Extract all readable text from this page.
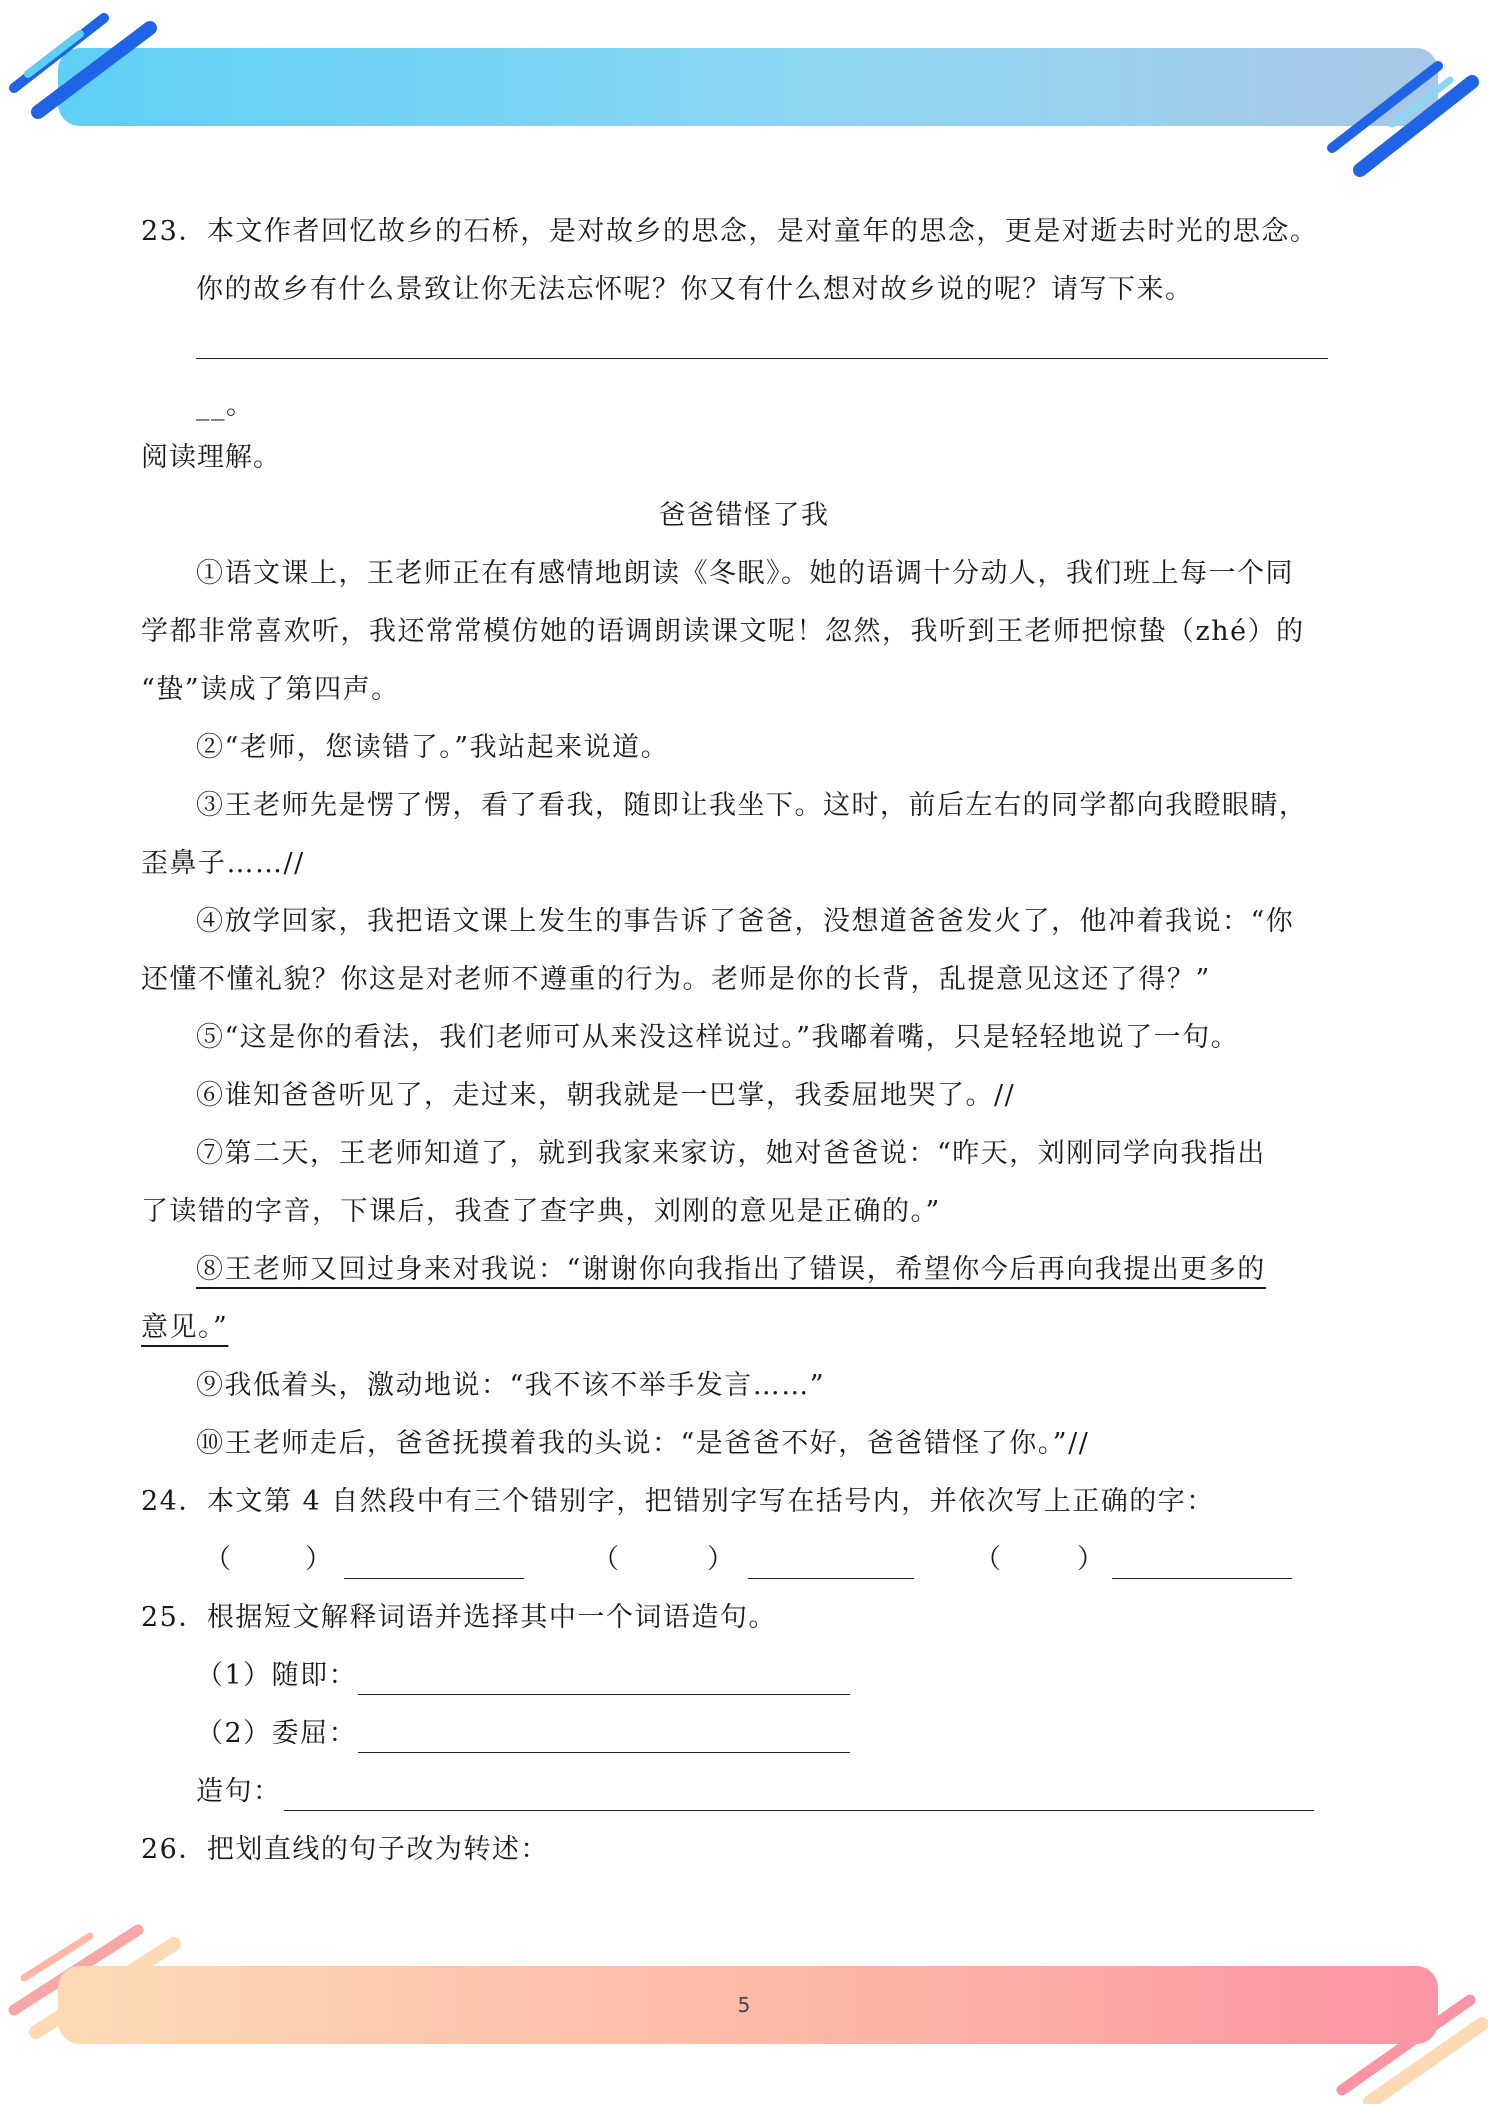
23．本文作者回忆故乡的石桥，是对故乡的思念，是对童年的思念，更是对逝去时光的思念。
你的故乡有什么景致让你无法忘怀呢？你又有什么想对故乡说的呢？请写下来。
__。
阅读理解。
爸爸错怪了我
①语文课上，王老师正在有感情地朗读《冬眠》。她的语调十分动人，我们班上每一个同
学都非常喜欢听，我还常常模仿她的语调朗读课文呢！忽然，我听到王老师把惊蛰（zhé）的
“蛰”读成了第四声。
②“老师，您读错了。”我站起来说道。
③王老师先是愣了愣，看了看我，随即让我坐下。这时，前后左右的同学都向我瞪眼睛，
歪鼻子……//
④放学回家，我把语文课上发生的事告诉了爸爸，没想道爸爸发火了，他冲着我说：“你
还懂不懂礼貌？你这是对老师不遵重的行为。老师是你的长背，乱提意见这还了得？”
⑤“这是你的看法，我们老师可从来没这样说过。”我嘟着嘴，只是轻轻地说了一句。
⑥谁知爸爸听见了，走过来，朝我就是一巴掌，我委屈地哭了。//
⑦第二天，王老师知道了，就到我家来家访，她对爸爸说：“昨天，刘刚同学向我指出
了读错的字音，下课后，我查了查字典，刘刚的意见是正确的。”
⑧王老师又回过身来对我说：“谢谢你向我指出了错误，希望你今后再向我提出更多的
意见。”
⑨我低着头，激动地说：“我不该不举手发言……”
⑩王老师走后，爸爸抚摸着我的头说：“是爸爸不好，爸爸错怪了你。”//
24．本文第 4 自然段中有三个错别字，把错别字写在括号内，并依次写上正确的字：
（	）	（	）	（	）
25．根据短文解释词语并选择其中一个词语造句。
（1）随即：
（2）委屈：
造句：
26．把划直线的句子改为转述：
5
